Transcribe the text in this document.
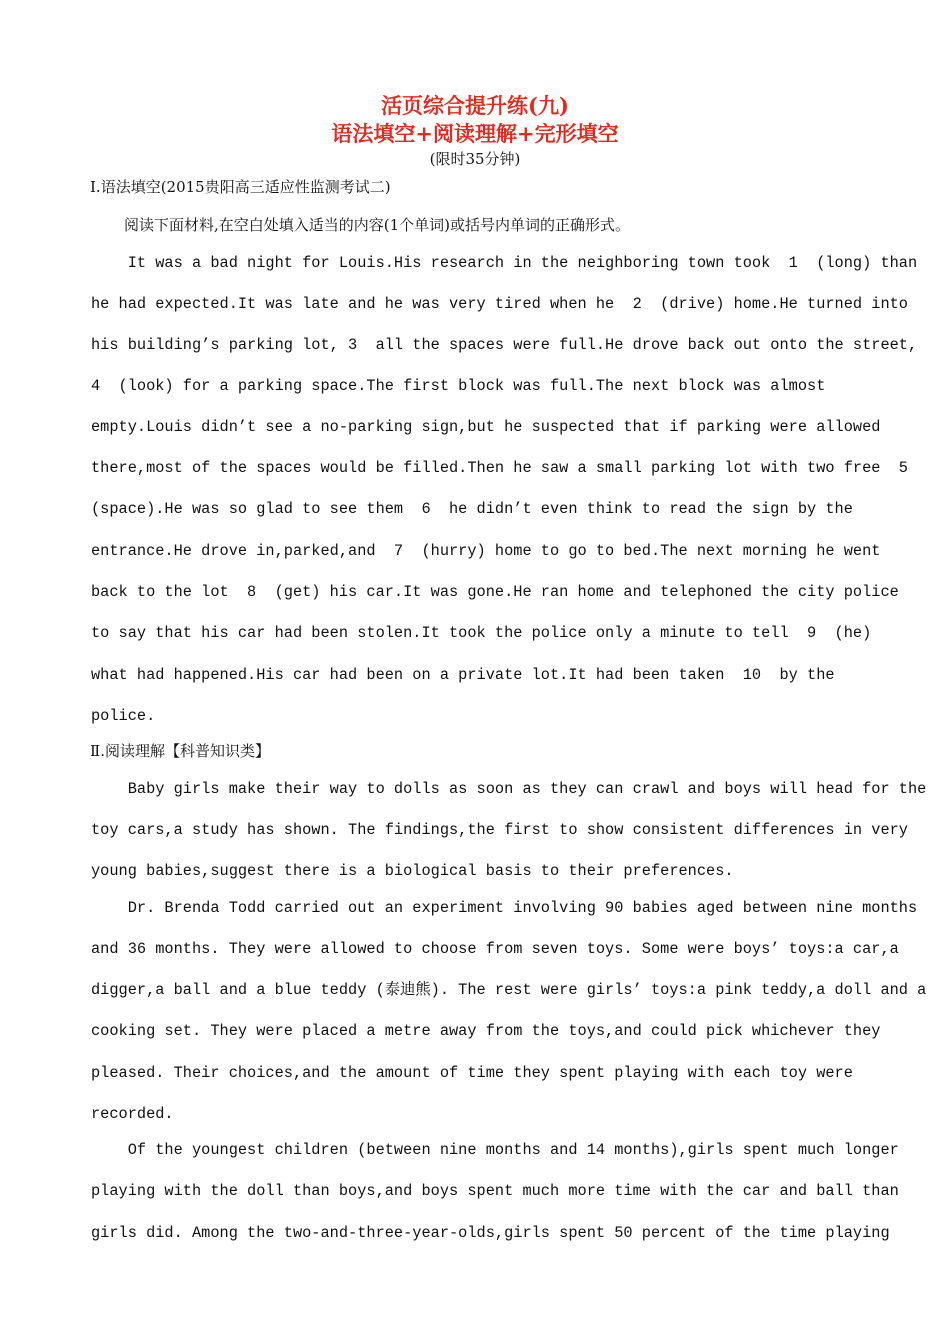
活页综合提升练(九)

语法填空+阅读理解+完形填空

(限时35分钟)

I.语法填空(2015贵阳高三适应性监测考试二)
阅读下面材料,在空白处填入适当的内容(1个单词)或括号内单词的正确形式。
It was a bad night for Louis.His research in the neighboring town took  1  (long) than
he had expected.It was late and he was very tired when he  2  (drive) home.He turned into
his building’s parking lot, 3  all the spaces were full.He drove back out onto the street,
4  (look) for a parking space.The first block was full.The next block was almost
empty.Louis didn’t see a no-parking sign,but he suspected that if parking were allowed
there,most of the spaces would be filled.Then he saw a small parking lot with two free  5
(space).He was so glad to see them  6  he didn’t even think to read the sign by the
entrance.He drove in,parked,and  7  (hurry) home to go to bed.The next morning he went
back to the lot  8  (get) his car.It was gone.He ran home and telephoned the city police
to say that his car had been stolen.It took the police only a minute to tell  9  (he)
what had happened.His car had been on a private lot.It had been taken  10  by the
police.
Ⅱ.阅读理解【科普知识类】
Baby girls make their way to dolls as soon as they can crawl and boys will head for the
toy cars,a study has shown. The findings,the first to show consistent differences in very
young babies,suggest there is a biological basis to their preferences.
Dr. Brenda Todd carried out an experiment involving 90 babies aged between nine months
and 36 months. They were allowed to choose from seven toys. Some were boys’ toys:a car,a
digger,a ball and a blue teddy (泰迪熊). The rest were girls’ toys:a pink teddy,a doll and a
cooking set. They were placed a metre away from the toys,and could pick whichever they
pleased. Their choices,and the amount of time they spent playing with each toy were
recorded.
Of the youngest children (between nine months and 14 months),girls spent much longer
playing with the doll than boys,and boys spent much more time with the car and ball than
girls did. Among the two-and-three-year-olds,girls spent 50 percent of the time playing
